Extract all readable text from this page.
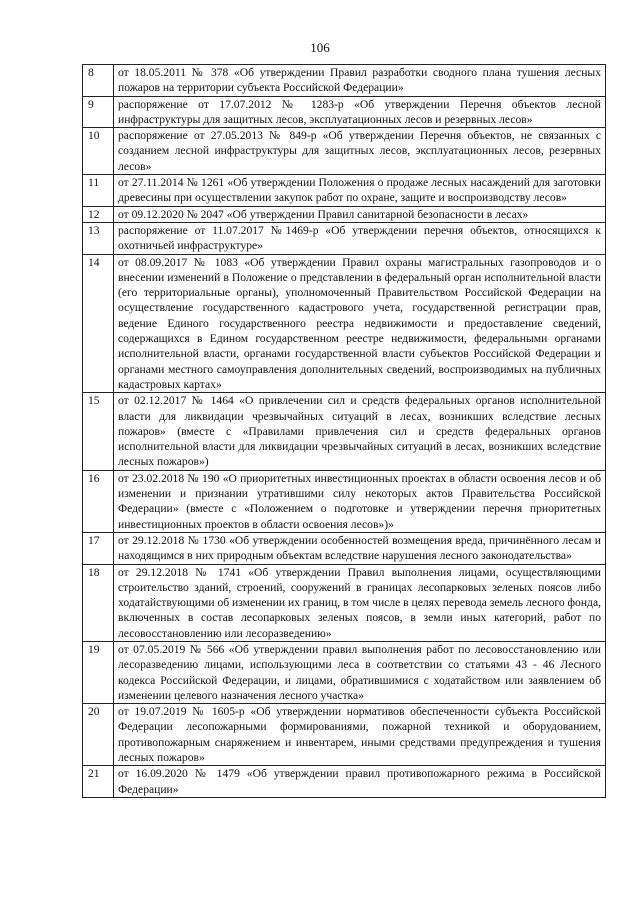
106
8	от 18.05.2011 № 378 «Об утверждении Правил разработки сводного плана тушения лесных пожаров на территории субъекта Российской Федерации»
9	распоряжение от 17.07.2012 № 1283-р «Об утверждении Перечня объектов лесной инфраструктуры для защитных лесов, эксплуатационных лесов и резервных лесов»
10	распоряжение от 27.05.2013 № 849-р «Об утверждении Перечня объектов, не связанных с созданием лесной инфраструктуры для защитных лесов, эксплуатационных лесов, резервных лесов»
11	от 27.11.2014 № 1261 «Об утверждении Положения о продаже лесных насаждений для заготовки древесины при осуществлении закупок работ по охране, защите и воспроизводству лесов»
12	от 09.12.2020 № 2047 «Об утверждении Правил санитарной безопасности в лесах»
13	распоряжение от 11.07.2017 №1469-р «Об утверждении перечня объектов, относящихся к охотничьей инфраструктуре»
14	от 08.09.2017 № 1083 «Об утверждении Правил охраны магистральных газопроводов и о внесении изменений в Положение о представлении в федеральный орган исполнительной власти (его территориальные органы), уполномоченный Правительством Российской Федерации на осуществление государственного кадастрового учета, государственной регистрации прав, ведение Единого государственного реестра недвижимости и предоставление сведений, содержащихся в Едином государственном реестре недвижимости, федеральными органами исполнительной власти, органами государственной власти субъектов Российской Федерации и органами местного самоуправления дополнительных сведений, воспроизводимых на публичных кадастровых картах»
15	от 02.12.2017 № 1464 «О привлечении сил и средств федеральных органов исполнительной власти для ликвидации чрезвычайных ситуаций в лесах, возникших вследствие лесных пожаров» (вместе с «Правилами привлечения сил и средств федеральных органов исполнительной власти для ликвидации чрезвычайных ситуаций в лесах, возникших вследствие лесных пожаров»)
16	от 23.02.2018 № 190 «О приоритетных инвестиционных проектах в области освоения лесов и об изменении и признании утратившими силу некоторых актов Правительства Российской Федерации» (вместе с «Положением о подготовке и утверждении перечня приоритетных инвестиционных проектов в области освоения лесов»)»
17	от 29.12.2018 № 1730 «Об утверждении особенностей возмещения вреда, причинённого лесам и находящимся в них природным объектам вследствие нарушения лесного законодательства»
18	от 29.12.2018 № 1741 «Об утверждении Правил выполнения лицами, осуществляющими строительство зданий, строений, сооружений в границах лесопарковых зеленых поясов либо ходатайствующими об изменении их границ, в том числе в целях перевода земель лесного фонда, включенных в состав лесопарковых зеленых поясов, в земли иных категорий, работ по лесовосстановлению или лесоразведению»
19	от 07.05.2019 № 566 «Об утверждении правил выполнения работ по лесовосстановлению или лесоразведению лицами, использующими леса в соответствии со статьями 43 - 46 Лесного кодекса Российской Федерации, и лицами, обратившимися с ходатайством или заявлением об изменении целевого назначения лесного участка»
20	от 19.07.2019 № 1605-р «Об утверждении нормативов обеспеченности субъекта Российской Федерации лесопожарными формированиями, пожарной техникой и оборудованием, противопожарным снаряжением и инвентарем, иными средствами предупреждения и тушения лесных пожаров»
21	от 16.09.2020 № 1479 «Об утверждении правил противопожарного режима в Российской Федерации»
